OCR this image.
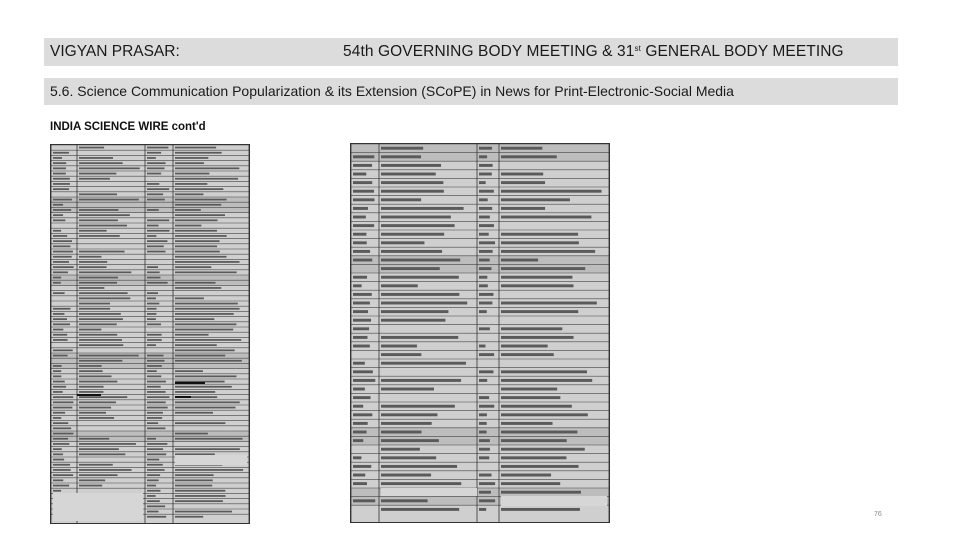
VIGYAN PRASAR:	54th GOVERNING BODY MEETING & 31st GENERAL BODY MEETING
5.6. Science Communication Popularization & its Extension (SCoPE) in News for Print-Electronic-Social Media
INDIA SCIENCE WIRE cont'd
76
